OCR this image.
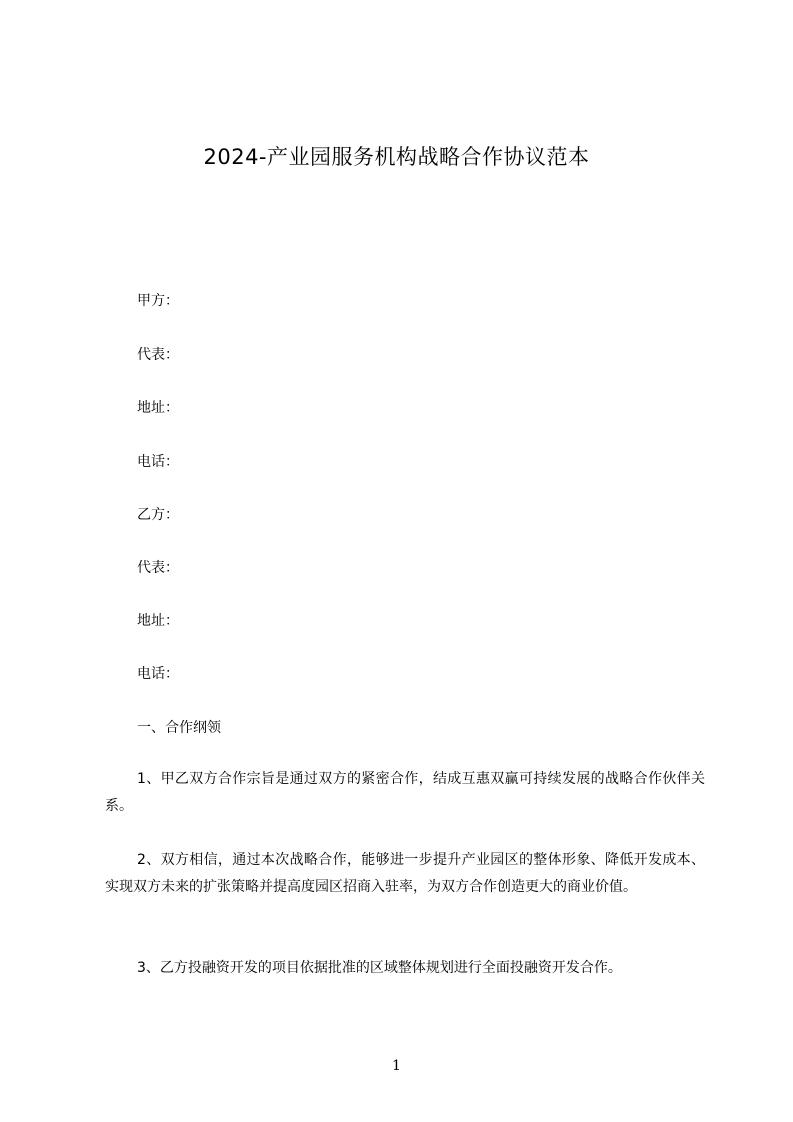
2024-产业园服务机构战略合作协议范本
甲方：
代表：
地址：
电话：
乙方：
代表：
地址：
电话：
一、合作纲领
1、甲乙双方合作宗旨是通过双方的紧密合作，结成互惠双赢可持续发展的战略合作伙伴关系。
2、双方相信，通过本次战略合作，能够进一步提升产业园区的整体形象、降低开发成本、实现双方未来的扩张策略并提高度园区招商入驻率，为双方合作创造更大的商业价值。
3、乙方投融资开发的项目依据批准的区域整体规划进行全面投融资开发合作。
1
